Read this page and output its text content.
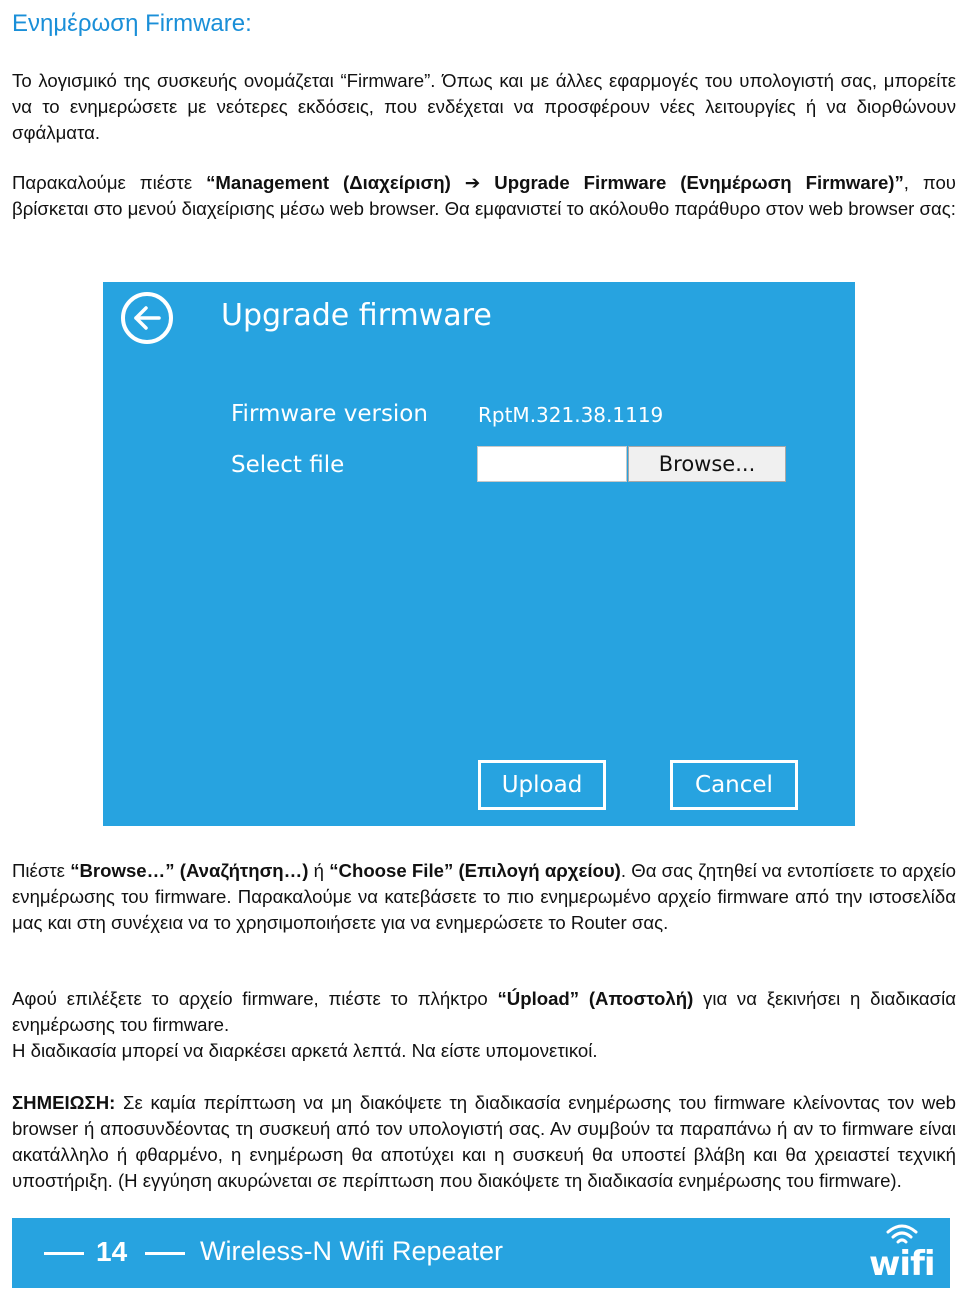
Ενημέρωση Firmware:
Το λογισμικό της συσκευής ονομάζεται “Firmware”. Όπως και με άλλες εφαρμογές του υπολογιστή σας, μπορείτε να το ενημερώσετε με νεότερες εκδόσεις, που ενδέχεται να προσφέρουν νέες λειτουργίες ή να διορθώνουν σφάλματα.
Παρακαλούμε πιέστε “Management (Διαχείριση) ➔ Upgrade Firmware (Ενημέρωση Firmware)”, που βρίσκεται στο μενού διαχείρισης μέσω web browser. Θα εμφανιστεί το ακόλουθο παράθυρο στον web browser σας:
Upgrade firmware
Firmware version	RptM.321.38.1119
Select file	Browse...
Upload	Cancel
Πιέστε “Browse…” (Αναζήτηση…) ή “Choose File” (Επιλογή αρχείου). Θα σας ζητηθεί να εντοπίσετε το αρχείο ενημέρωσης του firmware. Παρακαλούμε να κατεβάσετε το πιο ενημερωμένο αρχείο firmware από την ιστοσελίδα μας και στη συνέχεια να το χρησιμοποιήσετε για να ενημερώσετε το Router σας.
Αφού επιλέξετε το αρχείο firmware, πιέστε το πλήκτρο “Úpload” (Αποστολή) για να ξεκινήσει η διαδικασία ενημέρωσης του firmware.
Η διαδικασία μπορεί να διαρκέσει αρκετά λεπτά. Να είστε υπομονετικοί.
ΣΗΜΕΙΩΣΗ: Σε καμία περίπτωση να μη διακόψετε τη διαδικασία ενημέρωσης του firmware κλείνοντας τον web browser ή αποσυνδέοντας τη συσκευή από τον υπολογιστή σας. Αν συμβούν τα παραπάνω ή αν το firmware είναι ακατάλληλο ή φθαρμένο, η ενημέρωση θα αποτύχει και η συσκευή θα υποστεί βλάβη και θα χρειαστεί τεχνική υποστήριξη. (Η εγγύηση ακυρώνεται σε περίπτωση που διακόψετε τη διαδικασία ενημέρωσης του firmware).
14	Wireless-N Wifi Repeater	wifi
